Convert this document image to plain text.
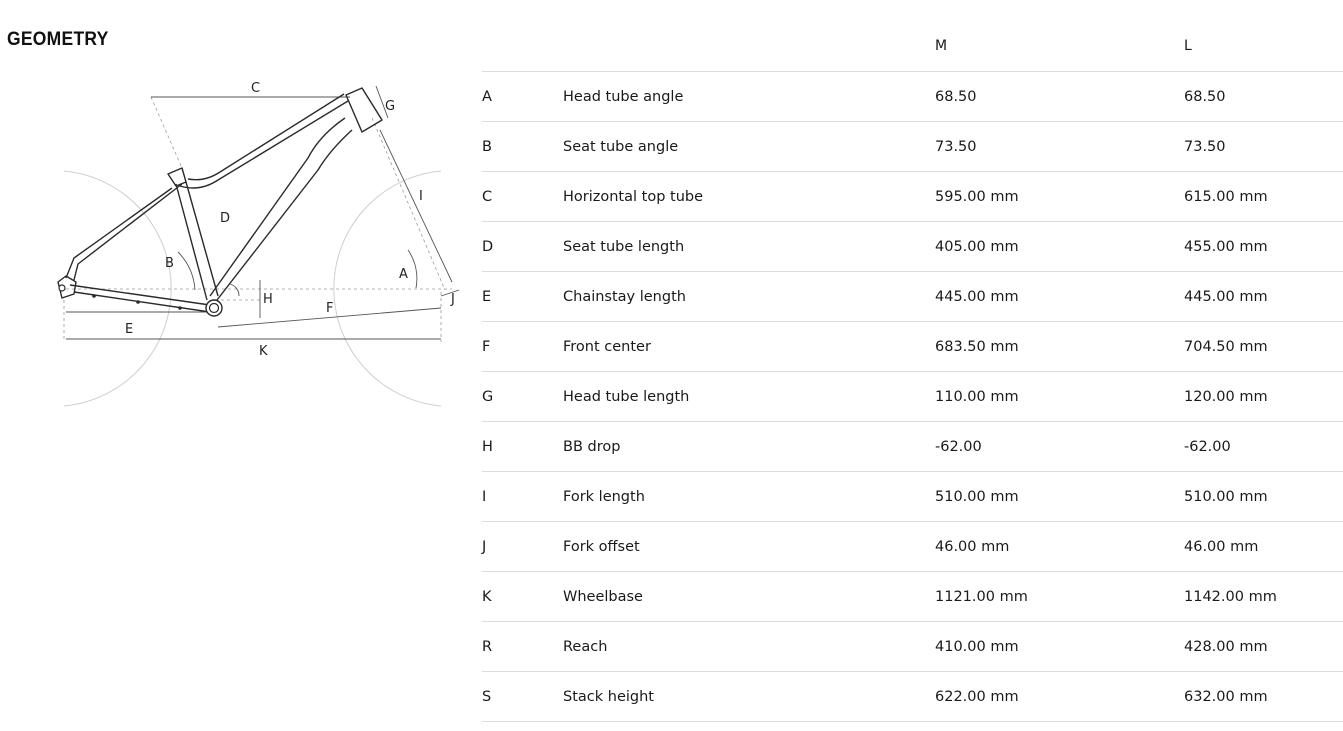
GEOMETRY
C
G
I
D
B
A
H	J
F
E
K
		M	L
A	Head tube angle	68.50	68.50
B	Seat tube angle	73.50	73.50
C	Horizontal top tube	595.00 mm	615.00 mm
D	Seat tube length	405.00 mm	455.00 mm
E	Chainstay length	445.00 mm	445.00 mm
F	Front center	683.50 mm	704.50 mm
G	Head tube length	110.00 mm	120.00 mm
H	BB drop	-62.00	-62.00
I	Fork length	510.00 mm	510.00 mm
J	Fork offset	46.00 mm	46.00 mm
K	Wheelbase	1121.00 mm	1142.00 mm
R	Reach	410.00 mm	428.00 mm
S	Stack height	622.00 mm	632.00 mm
